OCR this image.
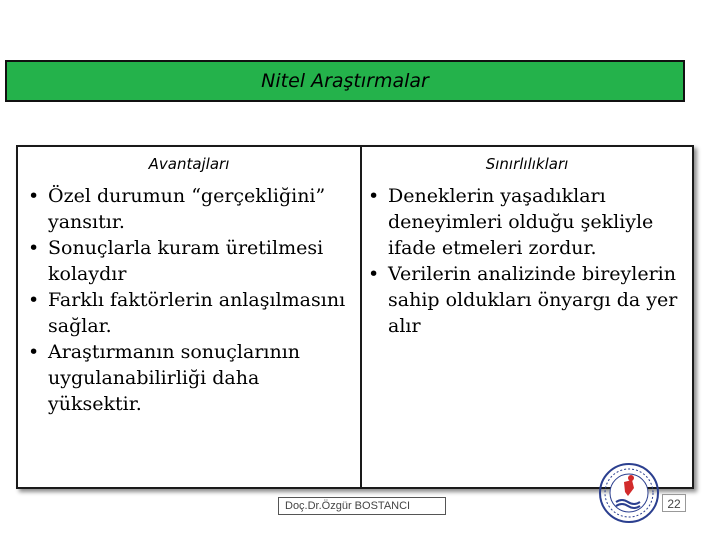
Nitel Araştırmalar
Avantajları
• Özel durumun “gerçekliğini” yansıtır.
• Sonuçlarla kuram üretilmesi kolaydır
• Farklı faktörlerin anlaşılmasını sağlar.
• Araştırmanın sonuçlarının uygulanabilirliği daha yüksektir.
Sınırlılıkları
• Deneklerin yaşadıkları deneyimleri olduğu şekliyle ifade etmeleri zordur.
• Verilerin analizinde bireylerin sahip oldukları önyargı da yer alır
Doç.Dr.Özgür BOSTANCI	22
